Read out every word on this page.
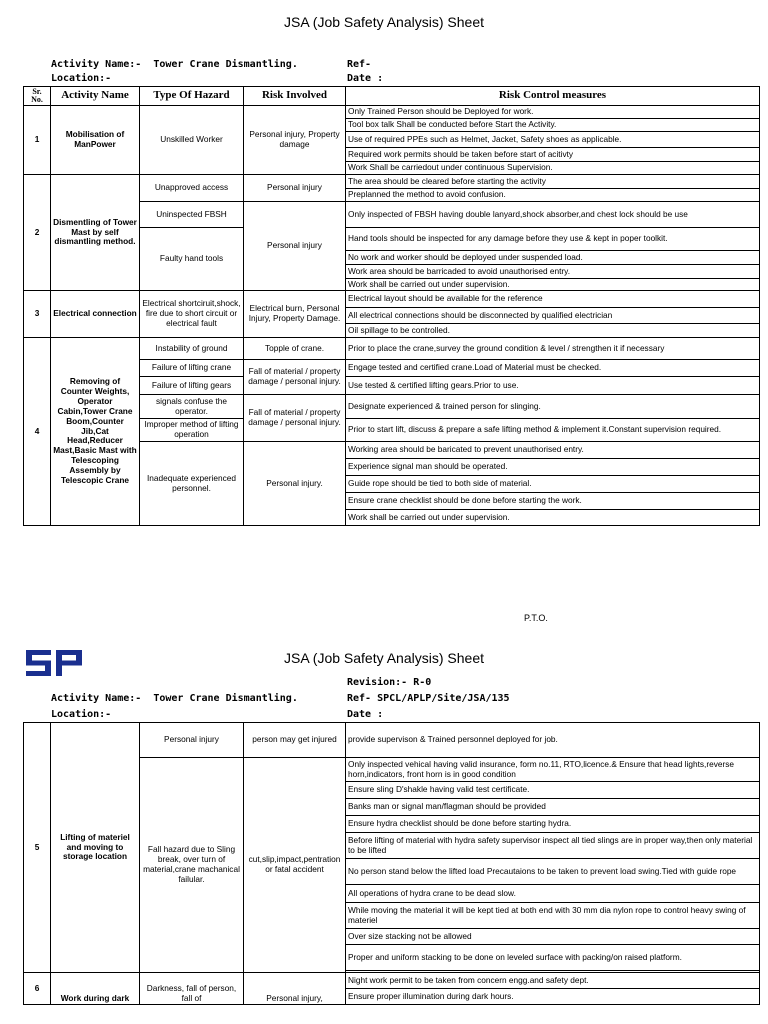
JSA (Job Safety Analysis) Sheet
Activity Name:-  Tower Crane Dismantling.
Location:-
Ref-
Date :
Sr. No.	Activity Name	Type Of Hazard	Risk Involved	Risk Control measures
1	Mobilisation of ManPower	Unskilled Worker	Personal injury, Property damage	Only Trained Person should be Deployed for work.
				Tool box talk Shall be conducted before Start the Activity.
				Use of required PPEs such as Helmet, Jacket, Safety shoes as applicable.
				Required work permits should be taken before start of acitivty
				Work Shall be carriedout under continuous Supervision.
2	Dismentling of Tower Mast by self dismantling method.	Unapproved access	Personal injury	The area should be cleared before starting the activity
				Preplanned the method to avoid confusion.
		Uninspected FBSH	Personal injury	Only inspected of FBSH having double lanyard,shock absorber,and chest lock should be use
		Faulty hand tools		Hand tools should be inspected for any damage before they use & kept in poper toolkit.
				No work and worker should be deployed under suspended load.
				Work area should be barricaded to avoid unauthorised entry.
				Work shall be carried out under supervision.
3	Electrical connection	Electrical shortciruit,shock, fire due to short circuit or electrical fault	Electrical burn, Personal Injury, Property Damage.	Electrical layout should be available for the reference
				All electrical connections should be disconnected by qualified electrician
				Oil spillage to be controlled.
4	Removing of Counter Weights, Operator Cabin,Tower Crane Boom,Counter Jib,Cat Head,Reducer Mast,Basic Mast with Telescoping Assembly by Telescopic Crane	Instability of ground	Topple of crane.	Prior to place the crane,survey the ground condition & level / strengthen it if necessary
		Failure of lifting crane	Fall of material / property damage / personal injury.	Engage tested and certified crane.Load of Material must be checked.
		Failure of lifting gears		Use tested & certified lifting gears.Prior to use.
		signals confuse the operator.	Fall of material / property damage / personal injury.	Designate experienced & trained person for slinging.
		Improper method of lifting operation		Prior to start lift, discuss & prepare a safe lifting method & implement it.Constant supervision required.
		Inadequate experienced personnel.	Personal injury.	Working area should be baricated to prevent unauthorised entry.
				Experience signal man should be operated.
				Guide rope should be tied to both side of material.
				Ensure crane checklist should be done before starting the work.
				Work shall be carried out under supervision.
P.T.O.
JSA (Job Safety Analysis) Sheet
Revision:- R-0
Activity Name:-  Tower Crane Dismantling.	Ref- SPCL/APLP/Site/JSA/135
Location:-	Date :
5	Lifting of materiel and moving to storage location	Personal injury	person may get injured	provide supervison & Trained personnel deployed for job.
		Fall hazard due to Sling break, over turn of material,crane machanical failular.	cut,slip,impact,pentration or fatal accident	Only inspected vehical having valid insurance, form no.11, RTO,licence.& Ensure that head lights,reverse horn,indicators, front horn is in good condition
				Ensure sling D'shakle having valid test certificate.
				Banks man or signal man/flagman should be provided
				Ensure hydra checklist should be done before starting hydra.
				Before lifting of material with hydra safety supervisor inspect all tied slings are in proper way,then only material to be lifted
				No person stand below the lifted load Precautaions to be taken to prevent load swing.Tied with guide rope
				All operations of hydra crane to be dead slow.
				While moving the material it will be kept tied at both end with 30 mm dia nylon rope to control heavy swing of materiel
				Over size stacking not be allowed
				Proper and uniform stacking to be done on leveled surface with packing/on raised platform.

6	Work during dark	Darkness, fall of person, fall of	Personal injury,	Night work permit to be taken from concern engg.and safety dept.
				Ensure proper illumination during dark hours.
